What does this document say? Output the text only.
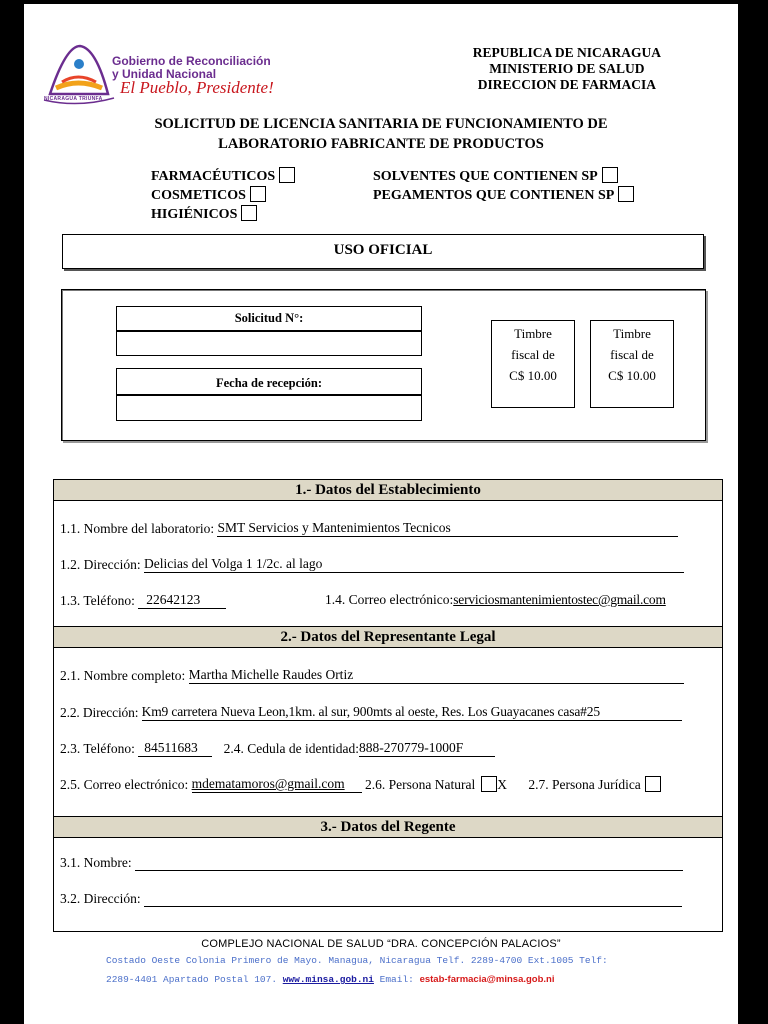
NICARAGUA TRIUNFA
Gobierno de Reconciliación
y Unidad Nacional
El Pueblo, Presidente!
REPUBLICA DE NICARAGUA
MINISTERIO DE SALUD
DIRECCION DE FARMACIA
SOLICITUD DE LICENCIA SANITARIA DE FUNCIONAMIENTO DE
LABORATORIO FABRICANTE DE PRODUCTOS
FARMACÉUTICOS
COSMETICOS
HIGIÉNICOS
SOLVENTES QUE CONTIENEN SP
PEGAMENTOS QUE CONTIENEN SP
USO OFICIAL
Solicitud N°:
Fecha de recepción:
Timbre
fiscal de
C$ 10.00
Timbre
fiscal de
C$ 10.00
1.- Datos del Establecimiento
1.1. Nombre del laboratorio: SMT Servicios y Mantenimientos Tecnicos
1.2. Dirección: Delicias del Volga 1 1/2c. al lago
1.3. Teléfono: 22642123	1.4. Correo electrónico:serviciosmantenimientostec@gmail.com
2.- Datos del Representante Legal
2.1. Nombre completo: Martha Michelle Raudes Ortiz
2.2. Dirección: Km9 carretera Nueva Leon,1km. al sur, 900mts al oeste, Res. Los Guayacanes casa#25
2.3. Teléfono: 84511683 2.4. Cedula de identidad:888-270779-1000F
2.5. Correo electrónico: mdematamoros@gmail.com 2.6. Persona Natural X 2.7. Persona Jurídica
3.- Datos del Regente
3.1. Nombre:
3.2. Dirección:
COMPLEJO NACIONAL DE SALUD “DRA. CONCEPCIÓN PALACIOS”
Costado Oeste Colonia Primero de Mayo. Managua, Nicaragua Telf. 2289-4700 Ext.1005 Telf:
2289-4401 Apartado Postal 107. www.minsa.gob.ni Email: estab-farmacia@minsa.gob.ni
